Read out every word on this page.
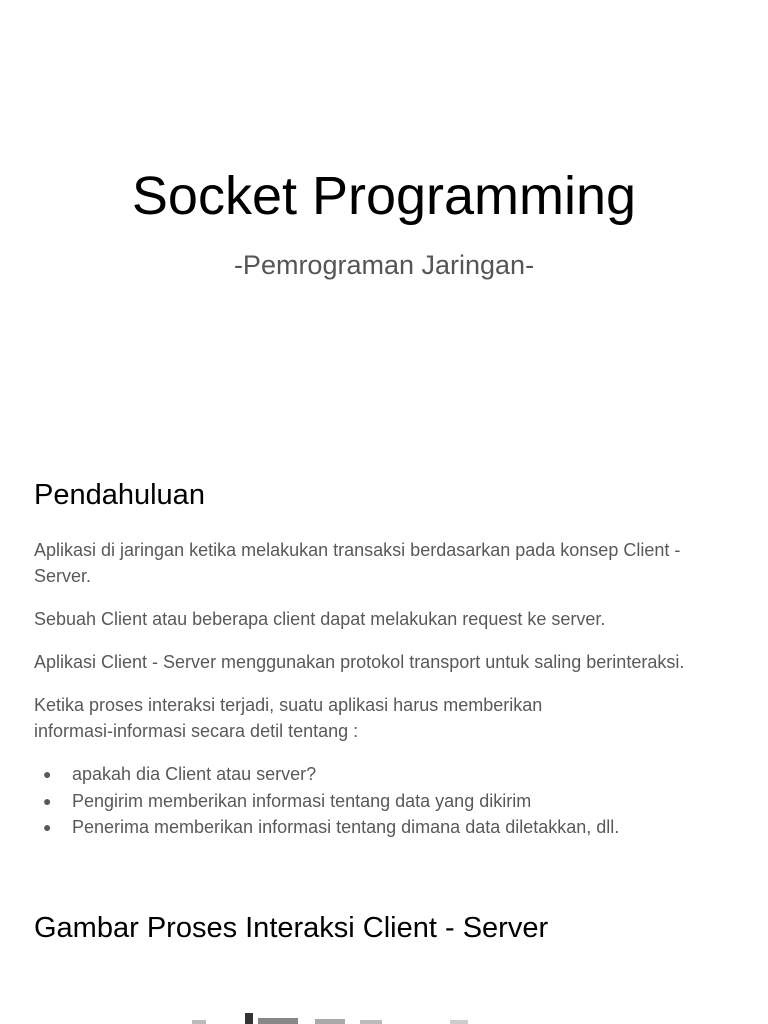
Socket Programming
-Pemrograman Jaringan-
Pendahuluan

Aplikasi di jaringan ketika melakukan transaksi berdasarkan pada konsep Client - Server.

Sebuah Client atau beberapa client dapat melakukan request ke server.

Aplikasi Client - Server menggunakan protokol transport untuk saling berinteraksi.

Ketika proses interaksi terjadi, suatu aplikasi harus memberikan informasi-informasi secara detil tentang :

● apakah dia Client atau server?
● Pengirim memberikan informasi tentang data yang dikirim
● Penerima memberikan informasi tentang dimana data diletakkan, dll.
Gambar Proses Interaksi Client - Server
